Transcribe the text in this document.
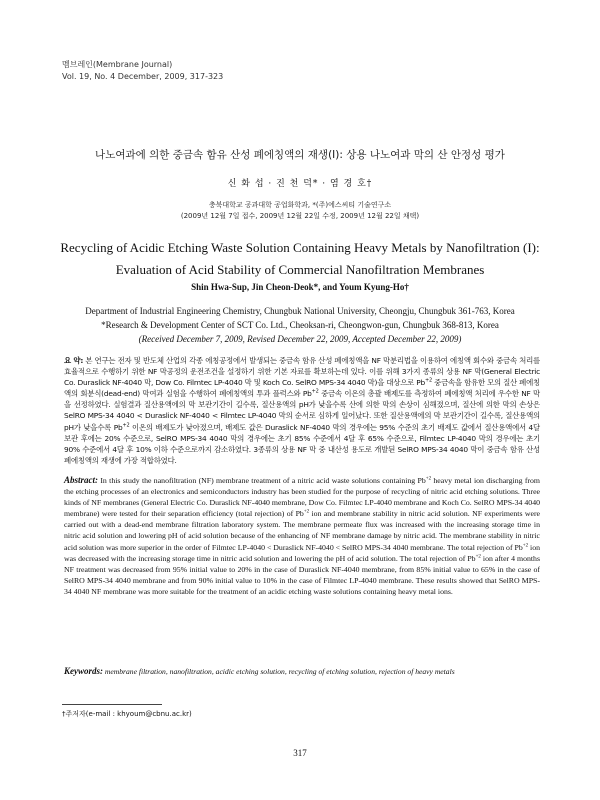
멤브레인(Membrane Journal)
Vol. 19, No. 4 December, 2009, 317-323
나노여과에 의한 중금속 함유 산성 폐에칭액의 재생(I): 상용 나노여과 막의 산 안정성 평가
신 화 섭 · 진 천 덕* · 염 경 호†
충북대학교 공과대학 공업화학과, *(주)에스씨티 기술연구소
(2009년 12월 7일 접수, 2009년 12월 22일 수정, 2009년 12월 22일 채택)
Recycling of Acidic Etching Waste Solution Containing Heavy Metals by Nanofiltration (I):
Evaluation of Acid Stability of Commercial Nanofiltration Membranes
Shin Hwa-Sup, Jin Cheon-Deok*, and Youm Kyung-Ho†
Department of Industrial Engineering Chemistry, Chungbuk National University, Cheongju, Chungbuk 361-763, Korea
*Research & Development Center of SCT Co. Ltd., Cheoksan-ri, Cheongwon-gun, Chungbuk 368-813, Korea
(Received December 7, 2009, Revised December 22, 2009, Accepted December 22, 2009)
요 약: 본 연구는 전자 및 반도체 산업의 각종 에칭공정에서 발생되는 중금속 함유 산성 폐에칭액을 NF 막분리법을 이용하여 에칭액 회수와 중금속 처리를 효율적으로 수행하기 위한 NF 막공정의 운전조건을 설정하기 위한 기본 자료를 확보하는데 있다. 이를 위해 3가지 종류의 상용 NF 막(General Electric Co. Duraslick NF-4040 막, Dow Co. Filmtec LP-4040 막 및 Koch Co. SelRO MPS-34 4040 막)을 대상으로 $Pb^{+2}$ 중금속을 함유한 모의 질산 폐에칭액의 회분식(dead-end) 막여과 실험을 수행하여 폐에칭액의 투과 플럭스와 $Pb^{+2}$ 중금속 이온의 총괄 배제도를 측정하여 폐에칭액 처리에 우수한 NF 막을 선정하였다. 실험결과 질산용액에의 막 보관기간이 길수록, 질산용액의 pH가 낮을수록 산에 의한 막의 손상이 심해졌으며, 질산에 의한 막의 손상은 SelRO MPS-34 4040 < Duraslick NF-4040 < Filmtec LP-4040 막의 순서로 심하게 일어났다. 또한 질산용액에의 막 보관기간이 길수록, 질산용액의 pH가 낮을수록 $Pb^{+2}$ 이온의 배제도가 낮아졌으며, 배제도 값은 Duraslick NF-4040 막의 경우에는 95% 수준의 초기 배제도 값에서 질산용액에서 4달 보관 후에는 20% 수준으로, SelRO MPS-34 4040 막의 경우에는 초기 85% 수준에서 4달 후 65% 수준으로, Filmtec LP-4040 막의 경우에는 초기 90% 수준에서 4달 후 10% 이하 수준으로까지 감소하였다. 3종류의 상용 NF 막 중 내산성 용도로 개발된 SelRO MPS-34 4040 막이 중금속 함유 산성 폐에칭액의 재생에 가장 적합하였다.
Abstract: In this study the nanofiltration (NF) membrane treatment of a nitric acid waste solutions containing $Pb^{+2}$ heavy metal ion discharging from the etching processes of an electronics and semiconductors industry has been studied for the purpose of recycling of nitric acid etching solutions. Three kinds of NF membranes (General Electric Co. Duraslick NF-4040 membrane, Dow Co. Filmtec LP-4040 membrane and Koch Co. SelRO MPS-34 4040 membrane) were tested for their separation efficiency (total rejection) of $Pb^{+2}$ ion and membrane stability in nitric acid solution. NF experiments were carried out with a dead-end membrane filtration laboratory system. The membrane permeate flux was increased with the increasing storage time in nitric acid solution and lowering pH of acid solution because of the enhancing of NF membrane damage by nitric acid. The membrane stability in nitric acid solution was more superior in the order of Filmtec LP-4040 < Duraslick NF-4040 < SelRO MPS-34 4040 membrane. The total rejection of $Pb^{+2}$ ion was decreased with the increasing storage time in nitric acid solution and lowering the pH of acid solution. The total rejection of $Pb^{+2}$ ion after 4 months NF treatment was decreased from 95% initial value to 20% in the case of Duraslick NF-4040 membrane, from 85% initial value to 65% in the case of SelRO MPS-34 4040 membrane and from 90% initial value to 10% in the case of Filmtec LP-4040 membrane. These results showed that SelRO MPS-34 4040 NF membrane was more suitable for the treatment of an acidic etching waste solutions containing heavy metal ions.
Keywords: membrane filtration, nanofiltration, acidic etching solution, recycling of etching solution, rejection of heavy metals
†주저자(e-mail : khyoum@cbnu.ac.kr)
317
